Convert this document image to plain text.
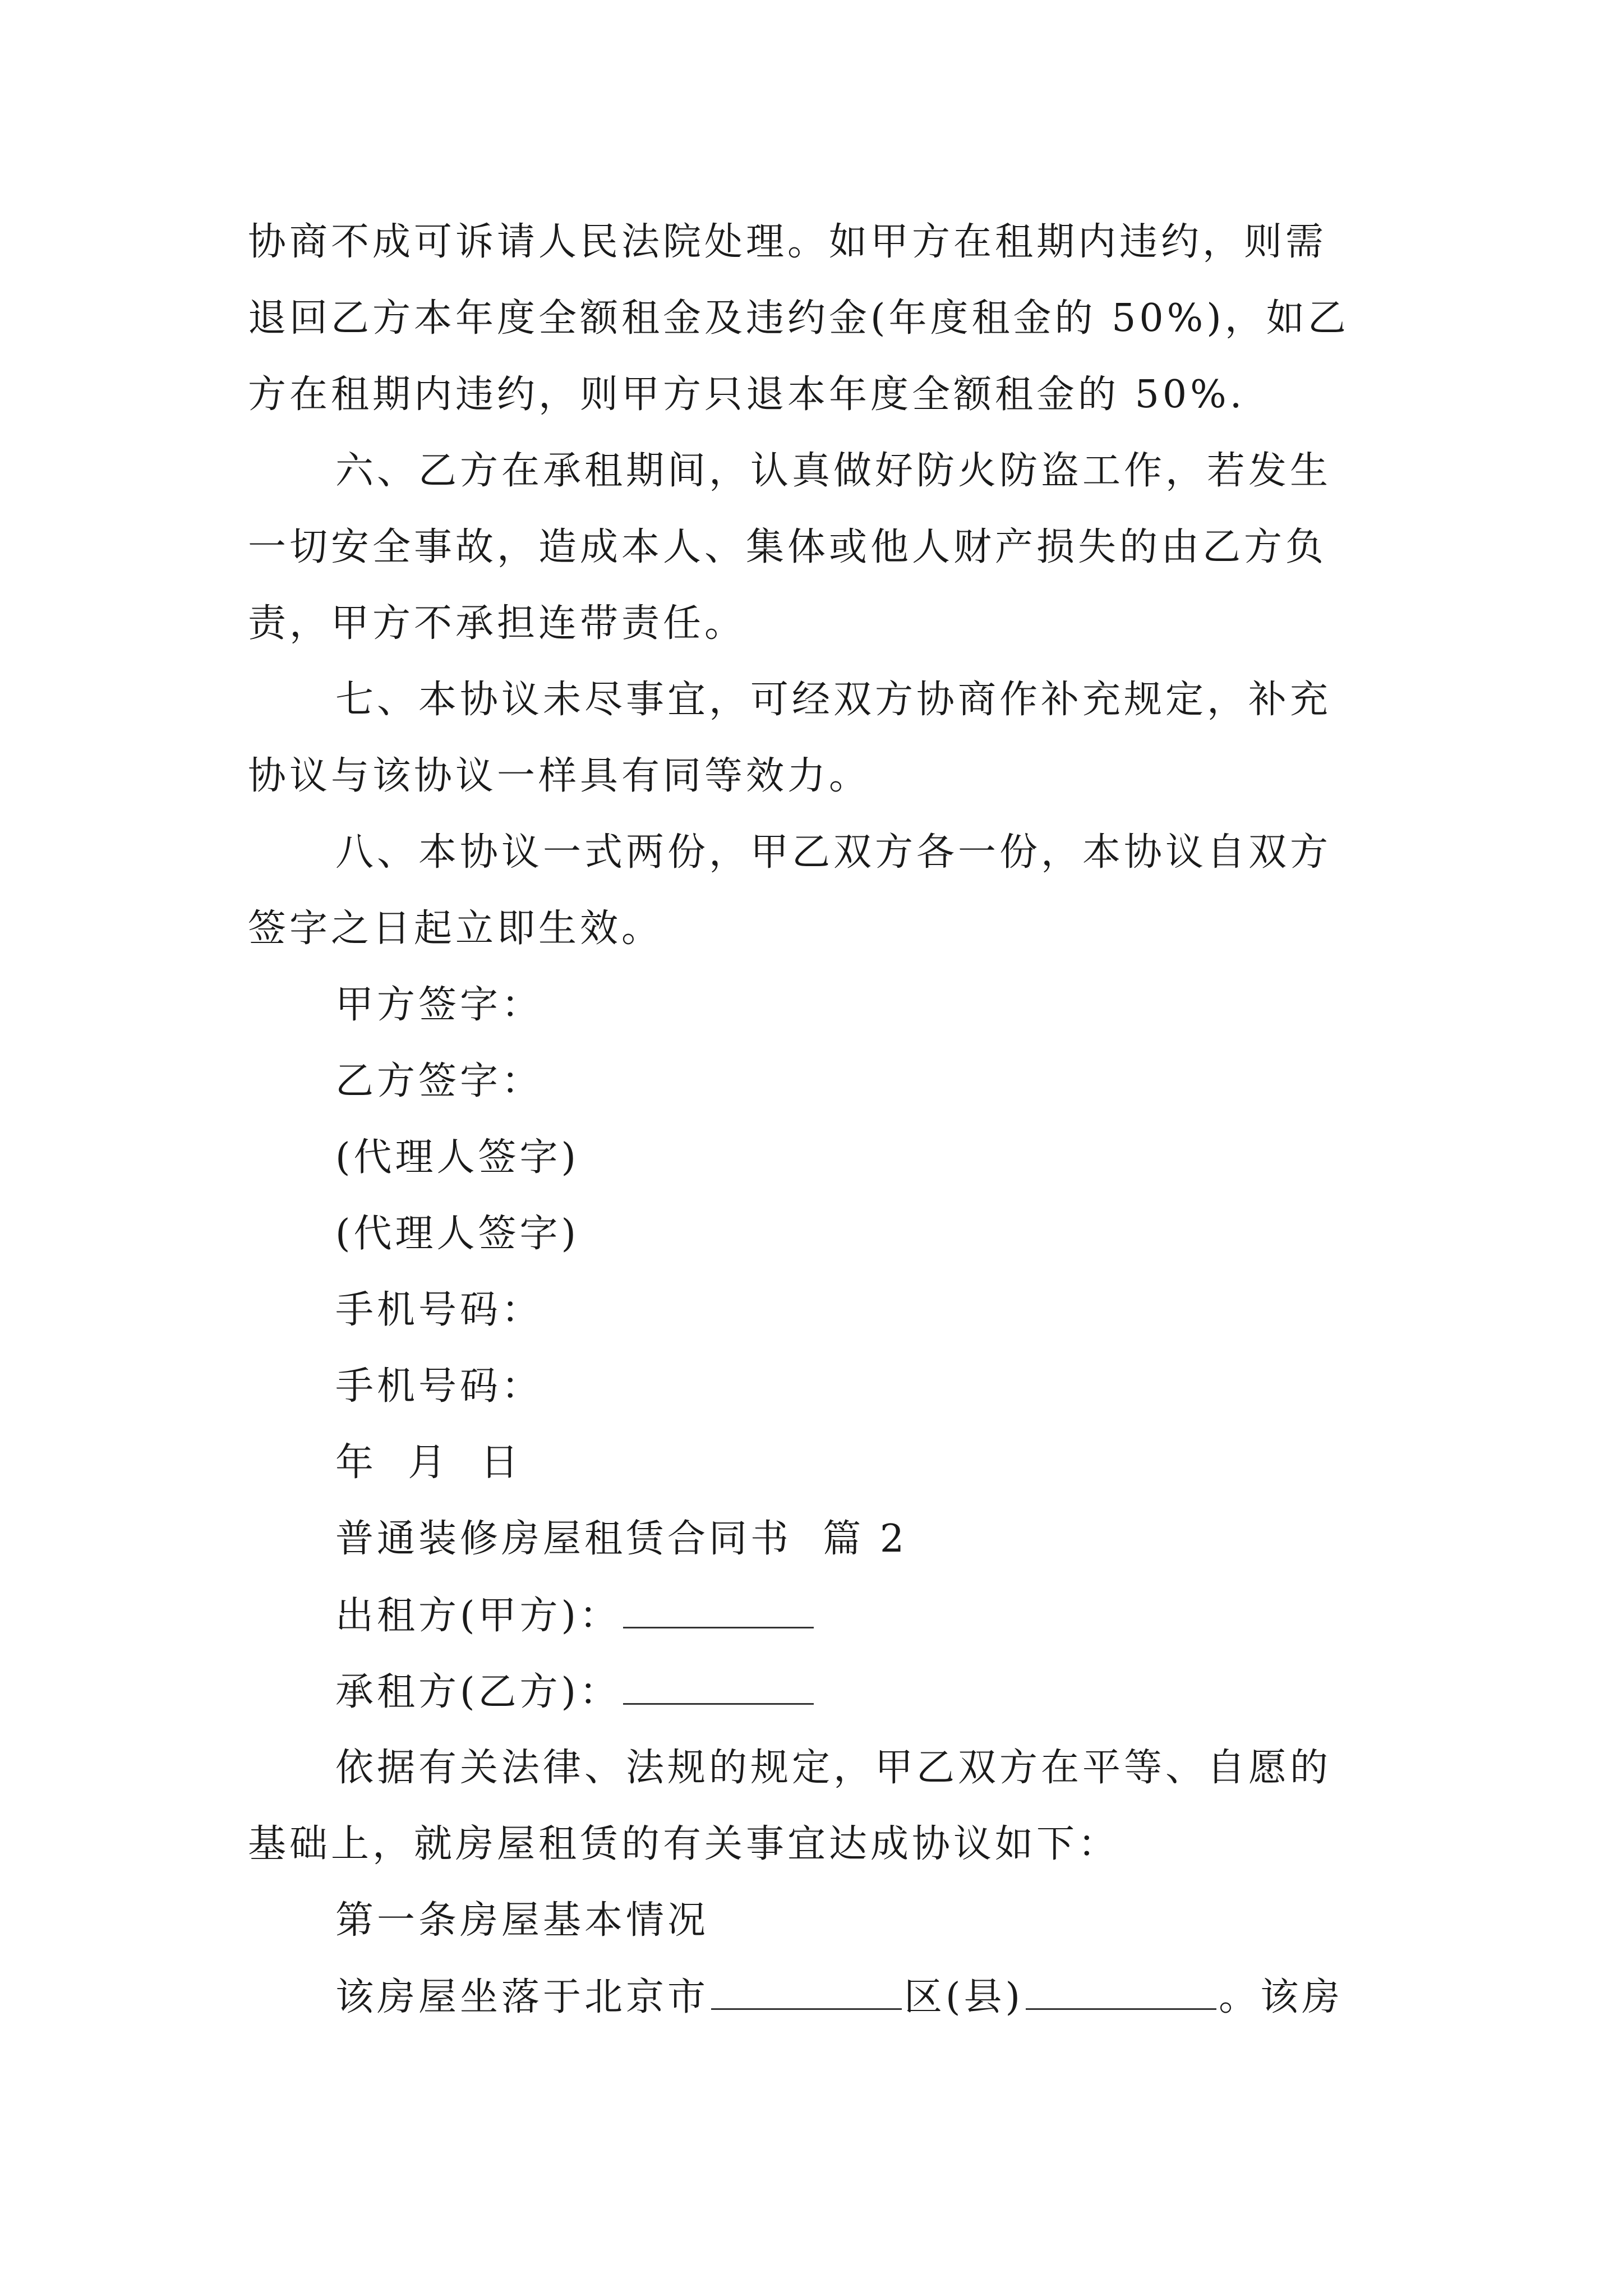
协商不成可诉请人民法院处理。如甲方在租期内违约，则需
退回乙方本年度全额租金及违约金(年度租金的 50%)，如乙
方在租期内违约，则甲方只退本年度全额租金的 50%.
六、乙方在承租期间，认真做好防火防盗工作，若发生
一切安全事故，造成本人、集体或他人财产损失的由乙方负
责，甲方不承担连带责任。
七、本协议未尽事宜，可经双方协商作补充规定，补充
协议与该协议一样具有同等效力。
八、本协议一式两份，甲乙双方各一份，本协议自双方
签字之日起立即生效。
甲方签字：
乙方签字：
(代理人签字)
(代理人签字)
手机号码：
手机号码：
年  月  日
普通装修房屋租赁合同书  篇 2
出租方(甲方)：
承租方(乙方)：
依据有关法律、法规的规定，甲乙双方在平等、自愿的
基础上，就房屋租赁的有关事宜达成协议如下：
第一条房屋基本情况
该房屋坐落于北京市	区(县)	。该房
